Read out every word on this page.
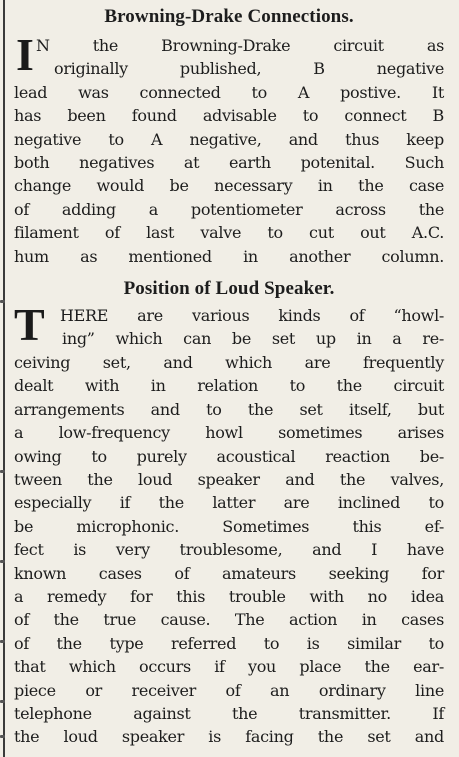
Browning-Drake Connections.
I N the Browning-Drake circuit as
originally published, B negative
lead was connected to A postive. It
has been found advisable to connect B
negative to A negative, and thus keep
both negatives at earth potenital. Such
change would be necessary in the case
of adding a potentiometer across the
filament of last valve to cut out A.C.
hum as mentioned in another column.
Position of Loud Speaker.
T HERE are various kinds of “howl-
ing” which can be set up in a re-
ceiving set, and which are frequently
dealt with in relation to the circuit
arrangements and to the set itself, but
a low-frequency howl sometimes arises
owing to purely acoustical reaction be-
tween the loud speaker and the valves,
especially if the latter are inclined to
be microphonic. Sometimes this ef-
fect is very troublesome, and I have
known cases of amateurs seeking for
a remedy for this trouble with no idea
of the true cause. The action in cases
of the type referred to is similar to
that which occurs if you place the ear-
piece or receiver of an ordinary line
telephone against the transmitter. If
the loud speaker is facing the set and
